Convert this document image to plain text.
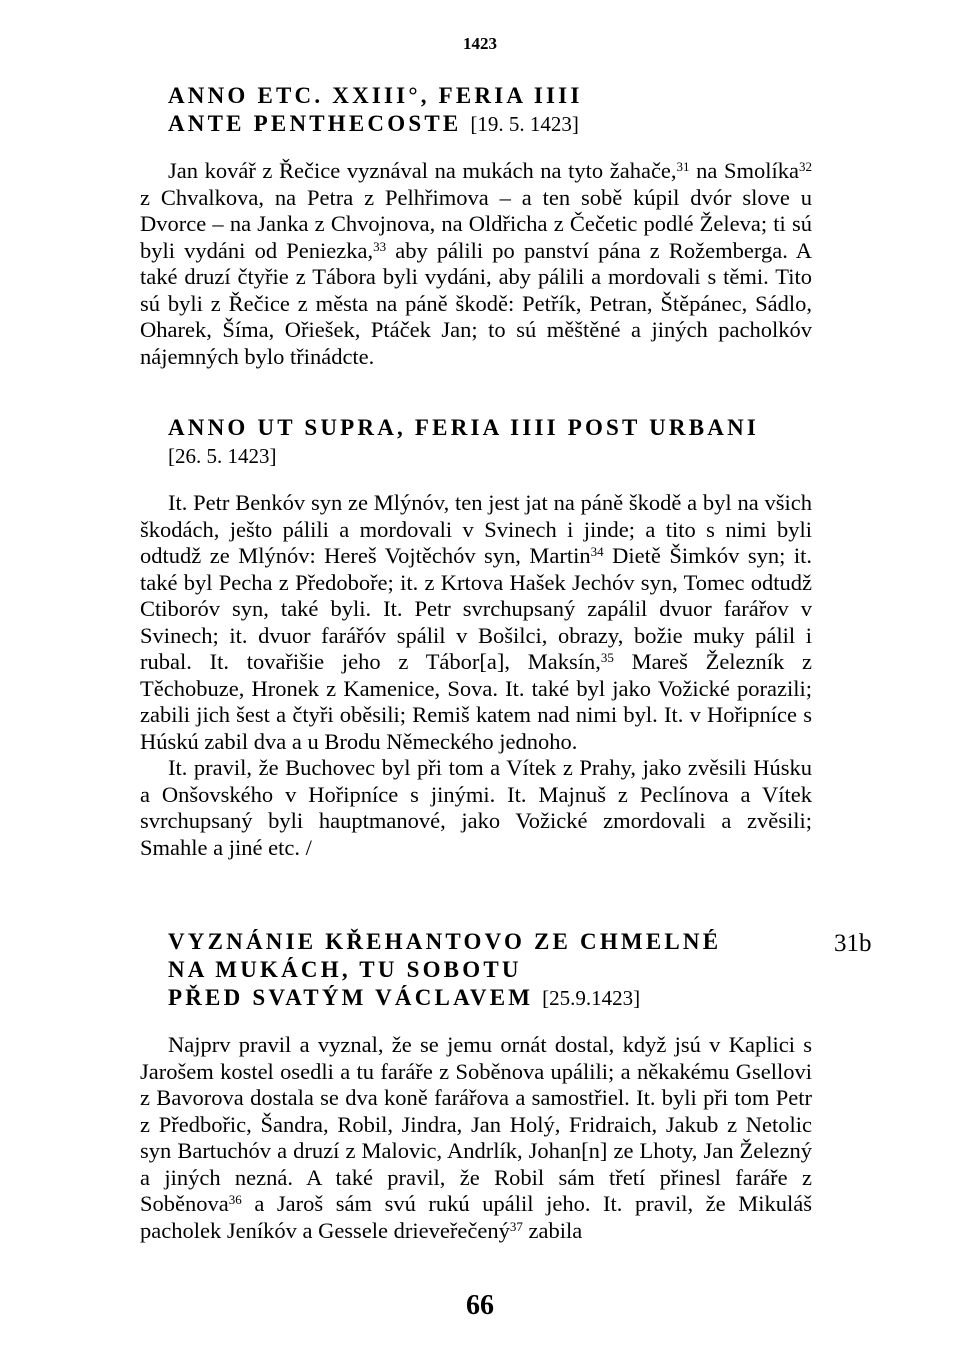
1423
ANNO ETC. XXIII°, FERIA IIII
ANTE PENTHECOSTE [19. 5. 1423]

Jan kovář z Řečice vyznával na mukách na tyto žahače,$^{31}$ na Smolíka$^{32}$ z Chvalkova, na Petra z Pelhřimova – a ten sobě kúpil dvór slove u Dvorce – na Janka z Chvojnova, na Oldřicha z Čečetic podlé Želeva; ti sú byli vydáni od Peniezka,$^{33}$ aby pálili po panství pána z Rožemberga. A také druzí čtyřie z Tábora byli vydáni, aby pálili a mordovali s těmi. Tito sú byli z Řečice z města na páně škodě: Petřík, Petran, Štěpánec, Sádlo, Oharek, Šíma, Ořiešek, Ptáček Jan; to sú měštěné a jiných pacholkóv nájemných bylo třinádcte.

ANNO UT SUPRA, FERIA IIII POST URBANI
[26. 5. 1423]

It. Petr Benkóv syn ze Mlýnóv, ten jest jat na páně škodě a byl na všich škodách, ješto pálili a mordovali v Svinech i jinde; a tito s nimi byli odtudž ze Mlýnóv: Hereš Vojtěchóv syn, Martin$^{34}$ Dietě Šimkóv syn; it. také byl Pecha z Předoboře; it. z Krtova Hašek Jechóv syn, Tomec odtudž Ctiboróv syn, také byli. It. Petr svrchupsaný zapálil dvuor farářov v Svinech; it. dvuor farářóv spálil v Bošilci, obrazy, božie muky pálil i rubal. It. tovařišie jeho z Tábor[a], Maksín,$^{35}$ Mareš Železník z Těchobuze, Hronek z Kamenice, Sova. It. také byl jako Vožické porazili; zabili jich šest a čtyři oběsili; Remiš katem nad nimi byl. It. v Hořipníce s Húskú zabil dva a u Brodu Německého jednoho.

It. pravil, že Buchovec byl při tom a Vítek z Prahy, jako zvěsili Húsku a Onšovského v Hořipníce s jinými. It. Majnuš z Peclínova a Vítek svrchupsaný byli hauptmanové, jako Vožické zmordovali a zvěsili; Smahle a jiné etc. /

VYZNÁNIE KŘEHANTOVO ZE CHMELNÉ
NA MUKÁCH, TU SOBOTU
PŘED SVATÝM VÁCLAVEM [25.9.1423]
31b

Najprv pravil a vyznal, že se jemu ornát dostal, když jsú v Kaplici s Jarošem kostel osedli a tu faráře z Soběnova upálili; a někakému Gsellovi z Bavorova dostala se dva koně farářova a samostřiel. It. byli při tom Petr z Předbořic, Šandra, Robil, Jindra, Jan Holý, Fridraich, Jakub z Netolic syn Bartuchóv a druzí z Malovic, Andrlík, Johan[n] ze Lhoty, Jan Železný a jiných nezná. A také pravil, že Robil sám třetí přinesl faráře z Soběnova$^{36}$ a Jaroš sám svú rukú upálil jeho. It. pravil, že Mikuláš pacholek Jeníkóv a Gessele drieveřečený$^{37}$ zabila

66
